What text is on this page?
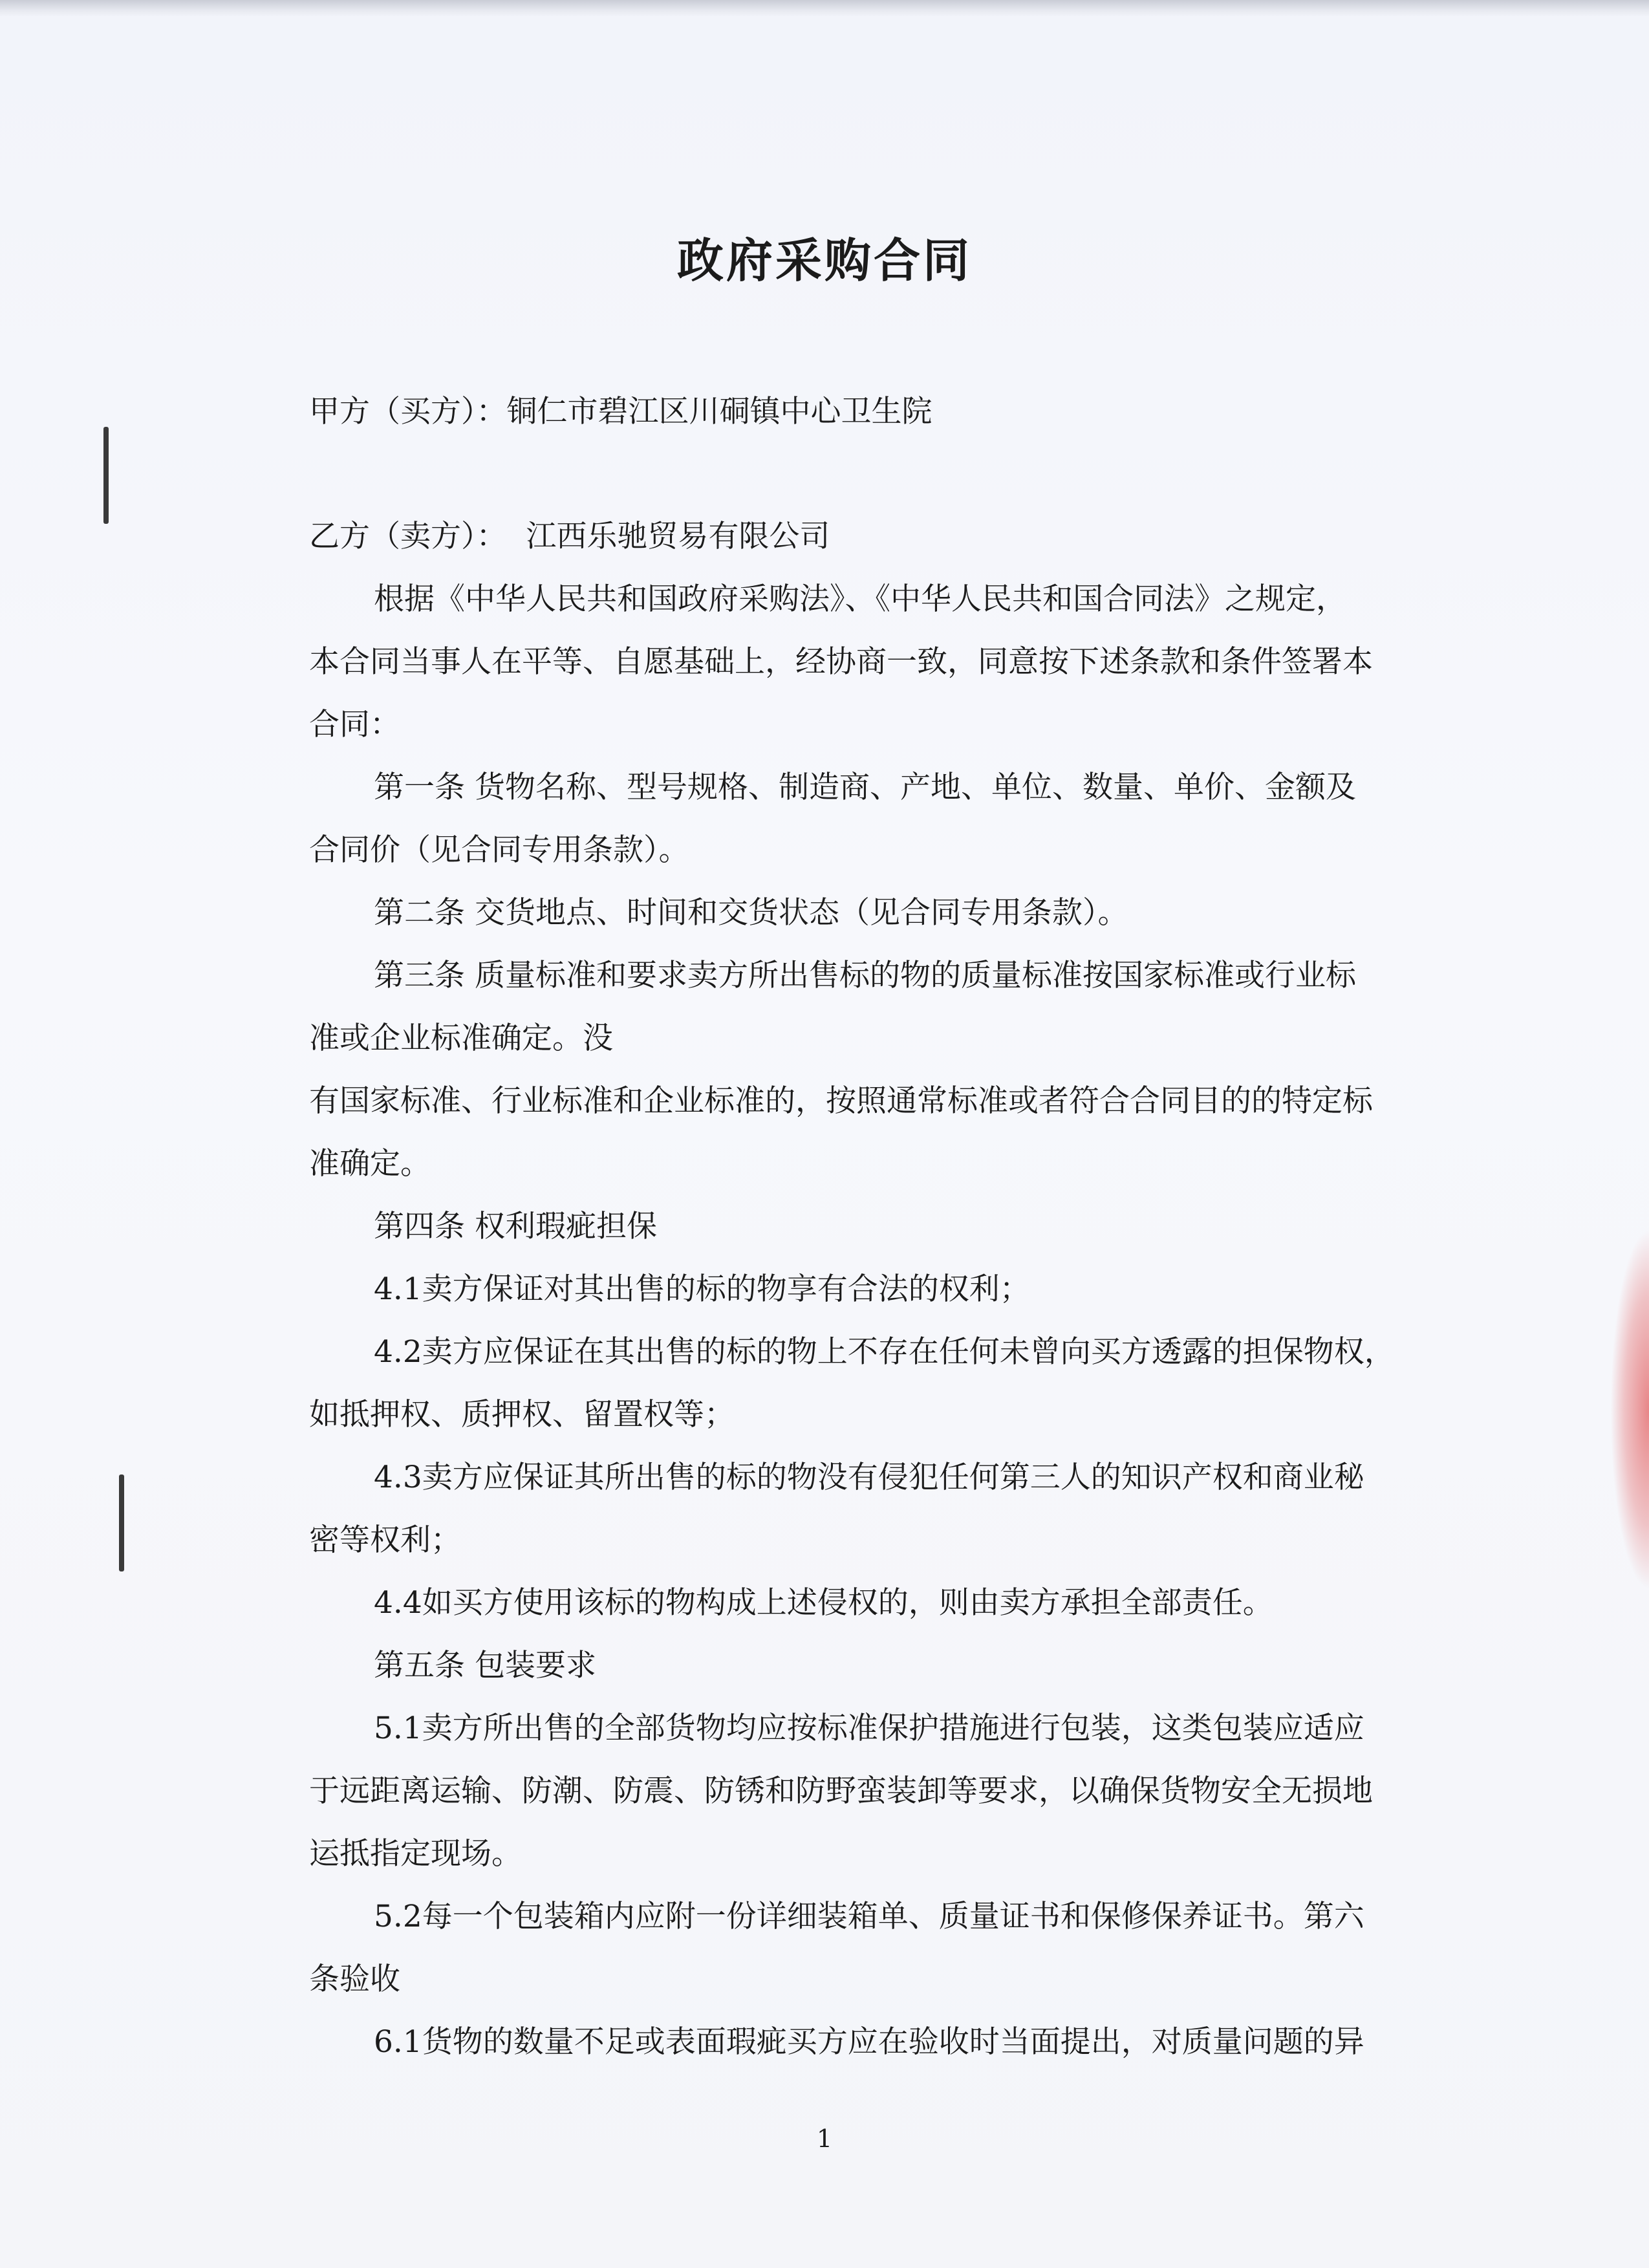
政府采购合同
甲方（买方）：铜仁市碧江区川硐镇中心卫生院
乙方（卖方）：  江西乐驰贸易有限公司
根据《中华人民共和国政府采购法》、《中华人民共和国合同法》之规定，
本合同当事人在平等、自愿基础上，经协商一致，同意按下述条款和条件签署本
合同：
第一条 货物名称、型号规格、制造商、产地、单位、数量、单价、金额及
合同价（见合同专用条款）。
第二条 交货地点、时间和交货状态（见合同专用条款）。
第三条 质量标准和要求卖方所出售标的物的质量标准按国家标准或行业标
准或企业标准确定。没
有国家标准、行业标准和企业标准的，按照通常标准或者符合合同目的的特定标
准确定。
第四条 权利瑕疵担保
4.1卖方保证对其出售的标的物享有合法的权利；
4.2卖方应保证在其出售的标的物上不存在任何未曾向买方透露的担保物权，
如抵押权、质押权、留置权等；
4.3卖方应保证其所出售的标的物没有侵犯任何第三人的知识产权和商业秘
密等权利；
4.4如买方使用该标的物构成上述侵权的，则由卖方承担全部责任。
第五条 包装要求
5.1卖方所出售的全部货物均应按标准保护措施进行包装，这类包装应适应
于远距离运输、防潮、防震、防锈和防野蛮装卸等要求，以确保货物安全无损地
运抵指定现场。
5.2每一个包装箱内应附一份详细装箱单、质量证书和保修保养证书。第六
条验收
6.1货物的数量不足或表面瑕疵买方应在验收时当面提出，对质量问题的异
1
